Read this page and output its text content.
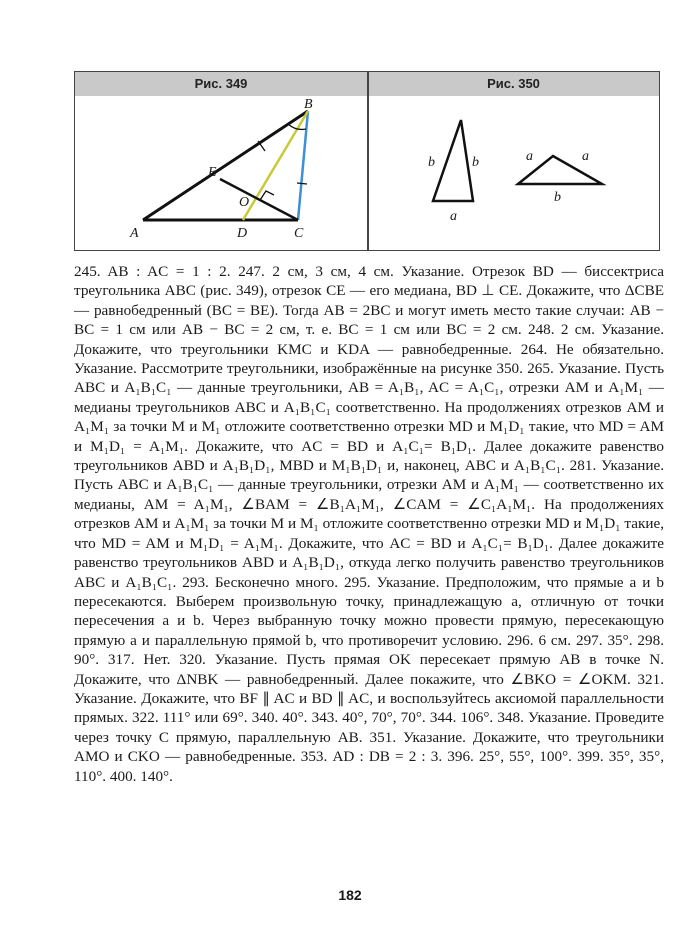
Рис. 349	Рис. 350
A
B
C
D
E
O
b	b
a
a	a
b

245. AB : AC = 1 : 2. 247. 2 см, 3 см, 4 см. Указание. Отрезок BD — биссектриса треугольника ABC (рис. 349), отрезок CE — его медиана, BD ⊥ CE. Докажите, что ΔCBE — равнобедренный (BC = BE). Тогда AB = 2BC и могут иметь место такие случаи: AB − BC = 1 см или AB − BC = 2 см, т. е. BC = 1 см или BC = 2 см. 248. 2 см. Указание. Докажите, что треугольники KMC и KDA — равнобедренные. 264. Не обязательно. Указание. Рассмотрите треугольники, изображённые на рисунке 350. 265. Указание. Пусть ABC и A₁B₁C₁ — данные треугольники, AB = A₁B₁, AC = A₁C₁, отрезки AM и A₁M₁ — медианы треугольников ABC и A₁B₁C₁ соответственно. На продолжениях отрезков AM и A₁M₁ за точки M и M₁ отложите соответственно отрезки MD и M₁D₁ такие, что MD = AM и M₁D₁ = A₁M₁. Докажите, что AC = BD и A₁C₁= B₁D₁. Далее докажите равенство треугольников ABD и A₁B₁D₁, MBD и M₁B₁D₁ и, наконец, ABC и A₁B₁C₁. 281. Указание. Пусть ABC и A₁B₁C₁ — данные треугольники, отрезки AM и A₁M₁ — соответственно их медианы, AM = A₁M₁, ∠BAM = ∠B₁A₁M₁, ∠CAM = ∠C₁A₁M₁. На продолжениях отрезков AM и A₁M₁ за точки M и M₁ отложите соответственно отрезки MD и M₁D₁ такие, что MD = AM и M₁D₁ = A₁M₁. Докажите, что AC = BD и A₁C₁= B₁D₁. Далее докажите равенство треугольников ABD и A₁B₁D₁, откуда легко получить равенство треугольников ABC и A₁B₁C₁. 293. Бесконечно много. 295. Указание. Предположим, что прямые a и b пересекаются. Выберем произвольную точку, принадлежащую a, отличную от точки пересечения a и b. Через выбранную точку можно провести прямую, пересекающую прямую a и параллельную прямой b, что противоречит условию. 296. 6 см. 297. 35°. 298. 90°. 317. Нет. 320. Указание. Пусть прямая OK пересекает прямую AB в точке N. Докажите, что ΔNBK — равнобедренный. Далее покажите, что ∠BKO = ∠OKM. 321. Указание. Докажите, что BF ∥ AC и BD ∥ AC, и воспользуйтесь аксиомой параллельности прямых. 322. 111° или 69°. 340. 40°. 343. 40°, 70°, 70°. 344. 106°. 348. Указание. Проведите через точку C прямую, параллельную AB. 351. Указание. Докажите, что треугольники AMO и CKO — равнобедренные. 353. AD : DB = 2 : 3. 396. 25°, 55°, 100°. 399. 35°, 35°, 110°. 400. 140°.

182
